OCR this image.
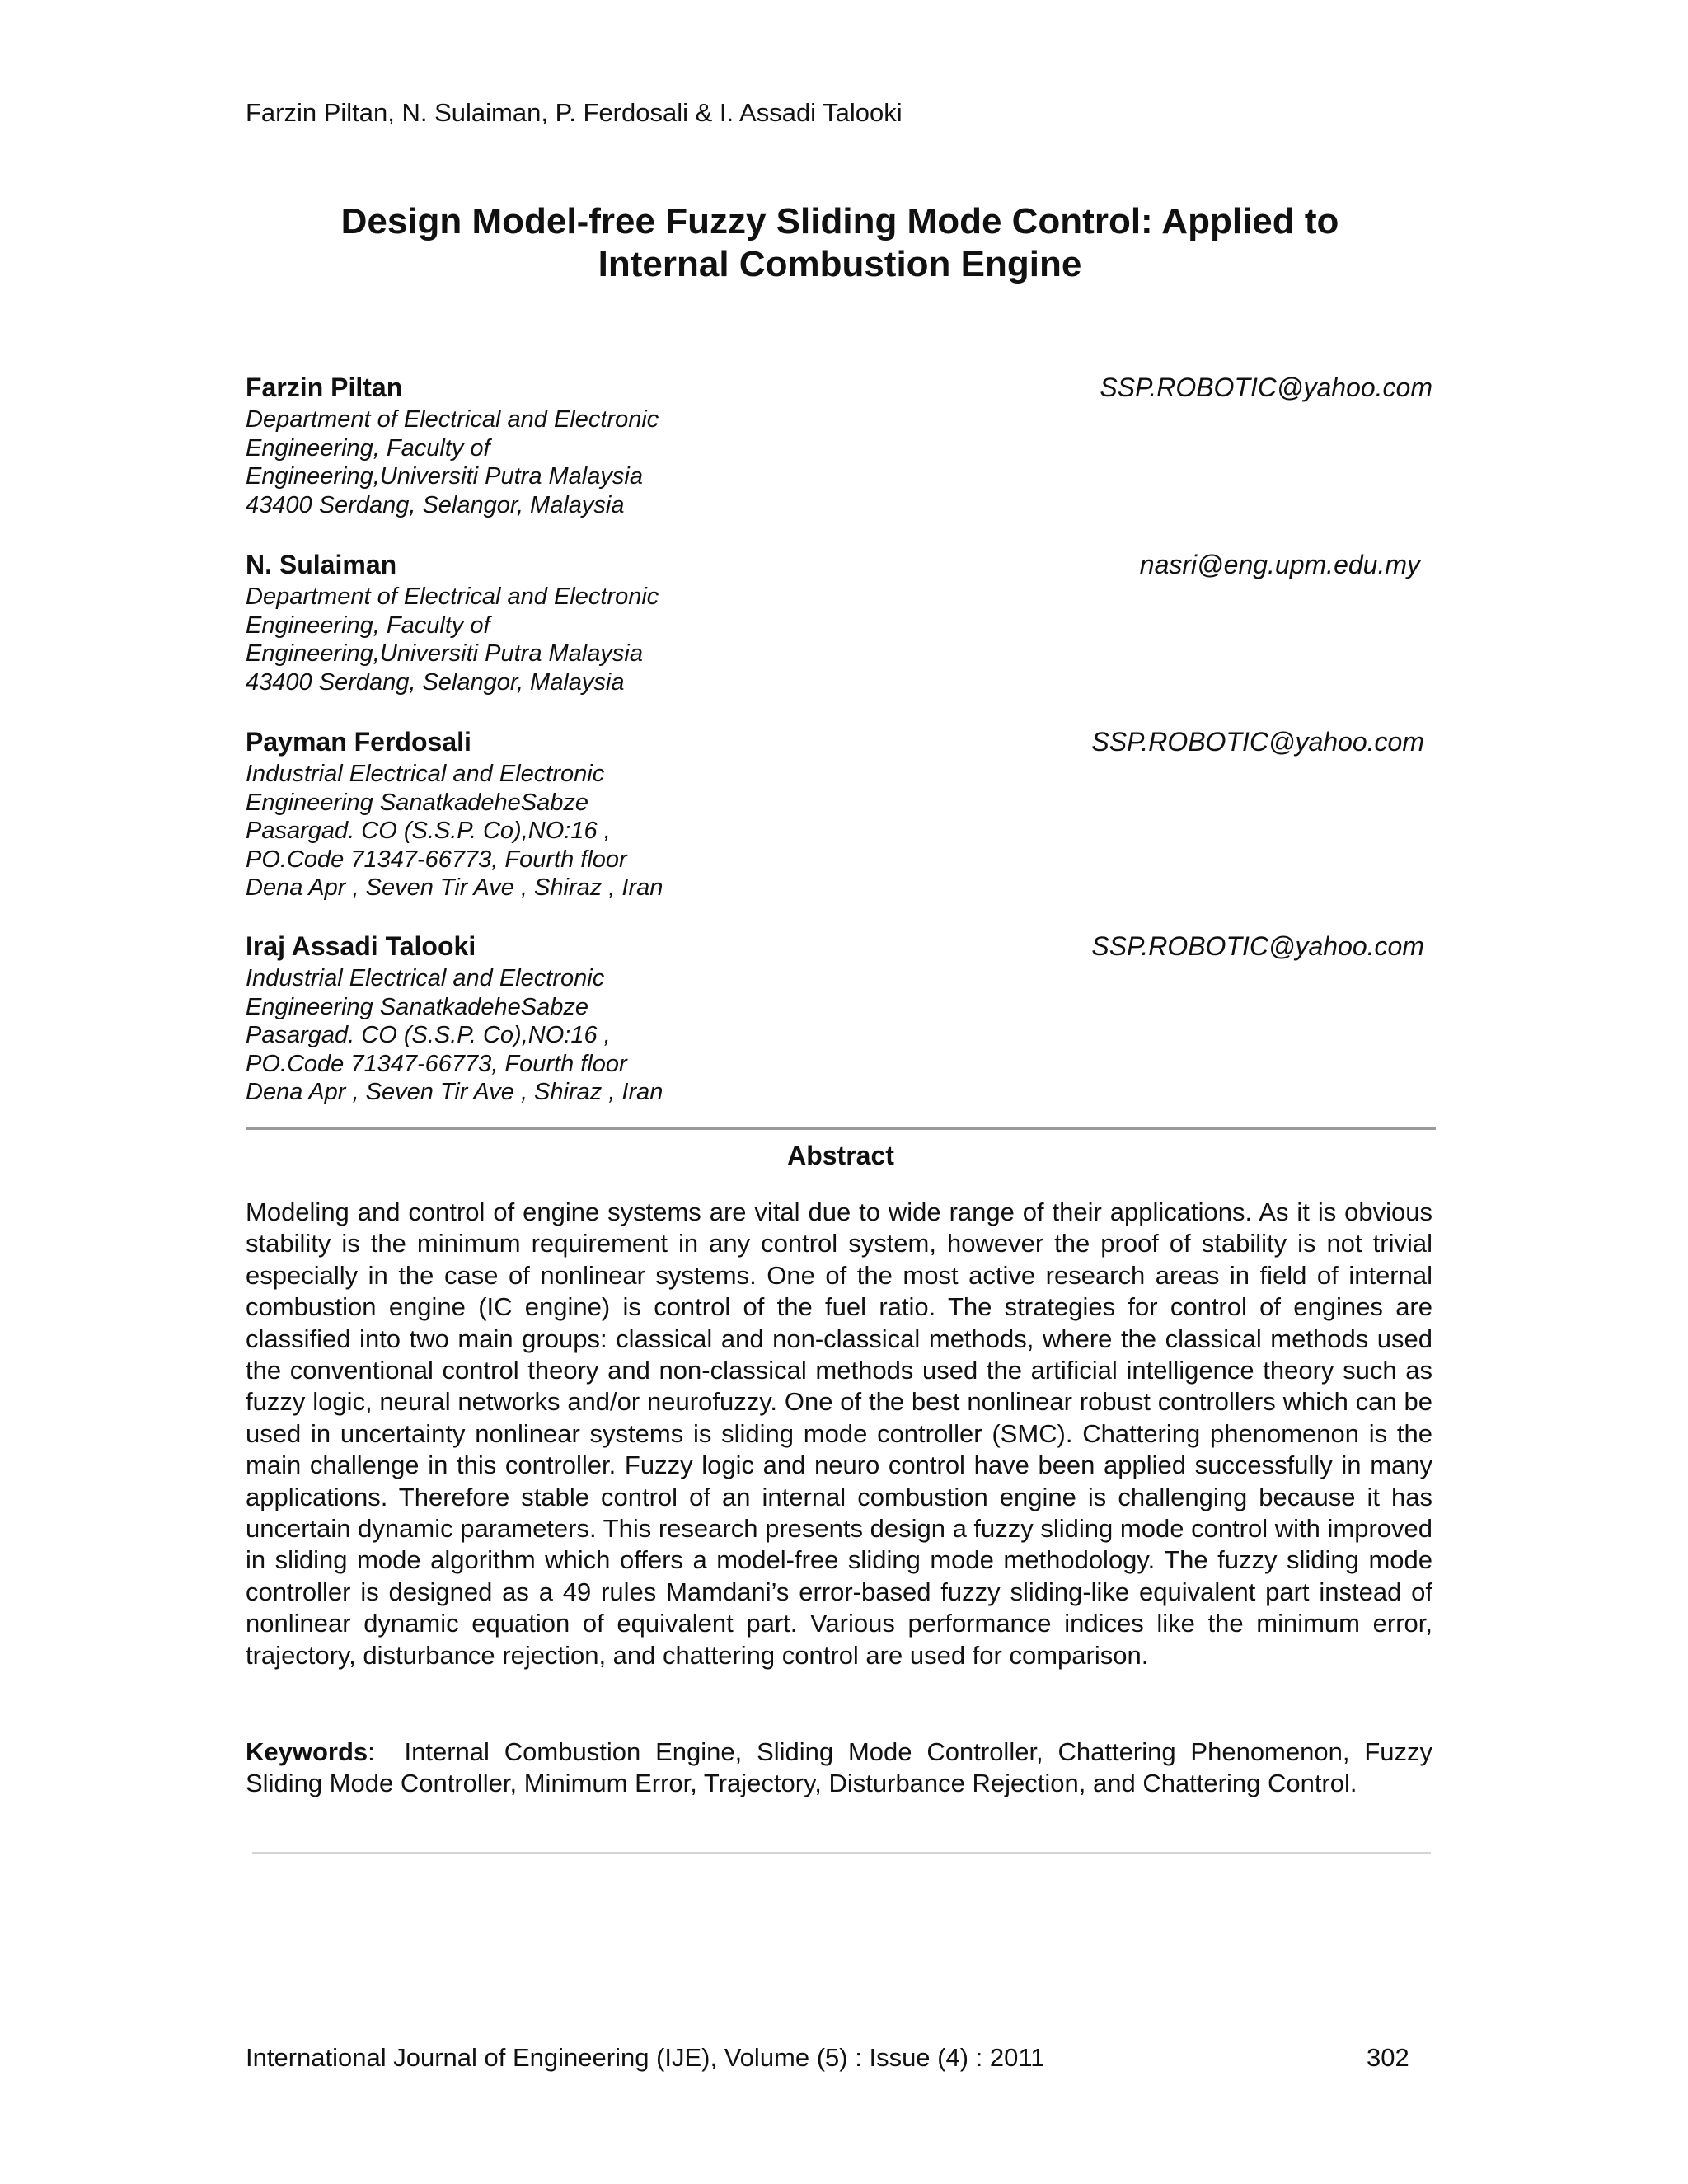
Farzin Piltan, N. Sulaiman, P. Ferdosali & I. Assadi Talooki
Design Model-free Fuzzy Sliding Mode Control: Applied to
Internal Combustion Engine
Farzin Piltan	SSP.ROBOTIC@yahoo.com
Department of Electrical and Electronic
Engineering, Faculty of
Engineering,Universiti Putra Malaysia
43400 Serdang, Selangor, Malaysia
N. Sulaiman	nasri@eng.upm.edu.my
Department of Electrical and Electronic
Engineering, Faculty of
Engineering,Universiti Putra Malaysia
43400 Serdang, Selangor, Malaysia
Payman Ferdosali	SSP.ROBOTIC@yahoo.com
Industrial Electrical and Electronic
Engineering SanatkadeheSabze
Pasargad. CO (S.S.P. Co),NO:16 ,
PO.Code 71347-66773, Fourth floor
Dena Apr , Seven Tir Ave , Shiraz , Iran
Iraj Assadi Talooki	SSP.ROBOTIC@yahoo.com
Industrial Electrical and Electronic
Engineering SanatkadeheSabze
Pasargad. CO (S.S.P. Co),NO:16 ,
PO.Code 71347-66773, Fourth floor
Dena Apr , Seven Tir Ave , Shiraz , Iran
Abstract

Modeling and control of engine systems are vital due to wide range of their applications. As it is obvious stability is the minimum requirement in any control system, however the proof of stability is not trivial especially in the case of nonlinear systems. One of the most active research areas in field of internal combustion engine (IC engine) is control of the fuel ratio. The strategies for control of engines are classified into two main groups: classical and non-classical methods, where the classical methods used the conventional control theory and non-classical methods used the artificial intelligence theory such as fuzzy logic, neural networks and/or neurofuzzy. One of the best nonlinear robust controllers which can be used in uncertainty nonlinear systems is sliding mode controller (SMC). Chattering phenomenon is the main challenge in this controller. Fuzzy logic and neuro control have been applied successfully in many applications. Therefore stable control of an internal combustion engine is challenging because it has uncertain dynamic parameters. This research presents design a fuzzy sliding mode control with improved in sliding mode algorithm which offers a model-free sliding mode methodology. The fuzzy sliding mode controller is designed as a 49 rules Mamdani’s error-based fuzzy sliding-like equivalent part instead of nonlinear dynamic equation of equivalent part. Various performance indices like the minimum error, trajectory, disturbance rejection, and chattering control are used for comparison.

Keywords: Internal Combustion Engine, Sliding Mode Controller, Chattering Phenomenon, Fuzzy Sliding Mode Controller, Minimum Error, Trajectory, Disturbance Rejection, and Chattering Control.

International Journal of Engineering (IJE), Volume (5) : Issue (4) : 2011	302
